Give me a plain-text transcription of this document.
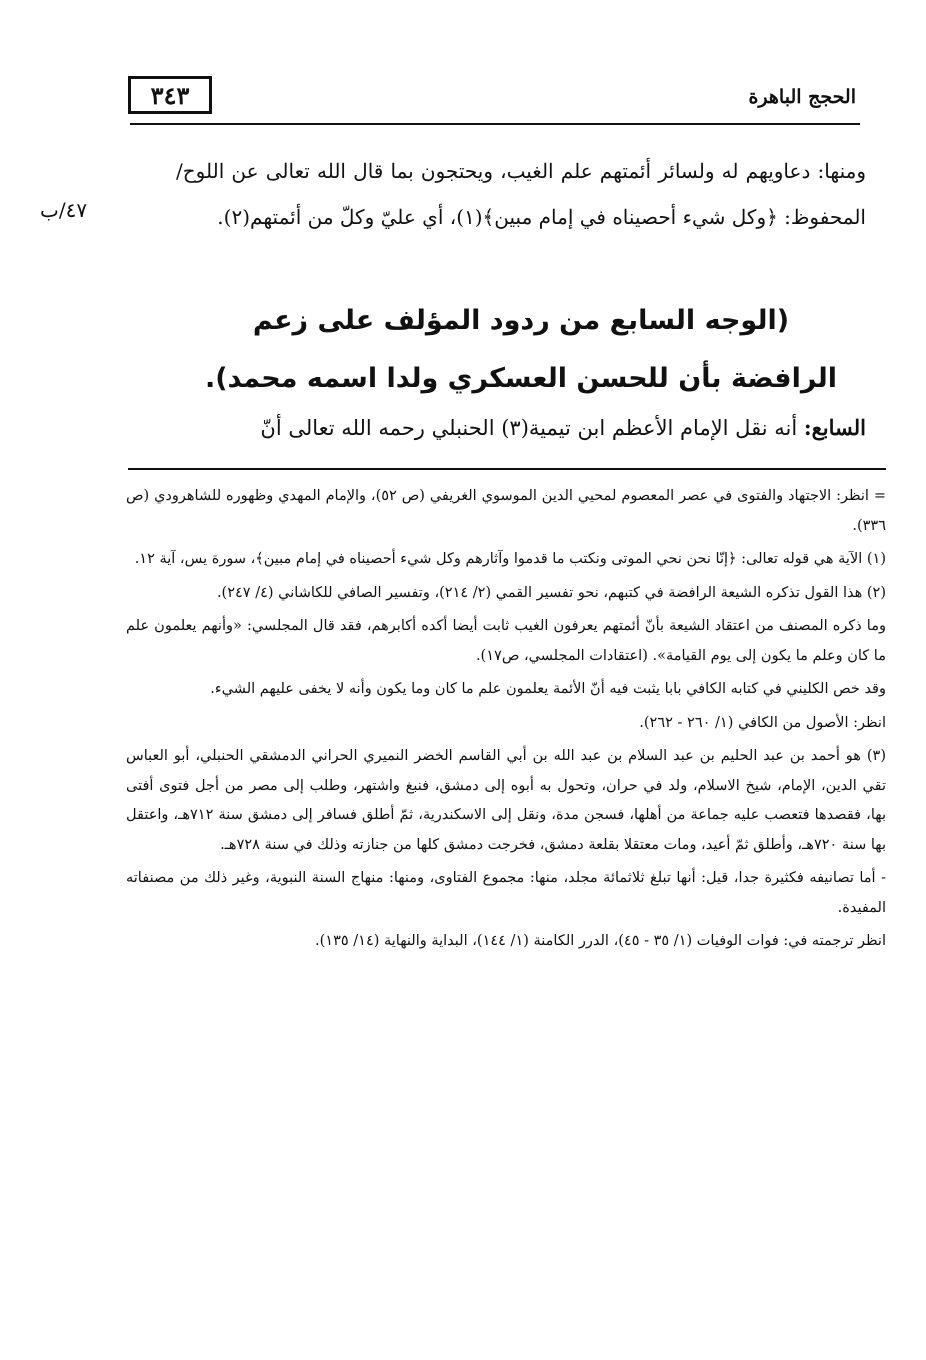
الحجج الباهرة
٣٤٣

ومنها: دعاويهم له ولسائر أئمتهم علم الغيب، ويحتجون بما قال الله تعالى عن اللوح/ المحفوظ: ﴿وكل شيء أحصيناه في إمام مبين﴾(١)، أي عليّ وكلّ من أئمتهم(٢).

٤٧/ب

(الوجه السابع من ردود المؤلف على زعم

الرافضة بأن للحسن العسكري ولدا اسمه محمد).

السابع: أنه نقل الإمام الأعظم ابن تيمية(٣) الحنبلي رحمه الله تعالى أنّ

= انظر: الاجتهاد والفتوى في عصر المعصوم لمحيي الدين الموسوي الغريفي (ص ٥٢)، والإمام المهدي وظهوره للشاهرودي (ص ٣٣٦).

(١) الآية هي قوله تعالى: ﴿إنّا نحن نحي الموتى ونكتب ما قدموا وآثارهم وكل شيء أحصيناه في إمام مبين﴾، سورة يس، آية ١٢.

(٢) هذا القول تذكره الشيعة الرافضة في كتبهم، نحو تفسير القمي (٢/ ٢١٤)، وتفسير الصافي للكاشاني (٤/ ٢٤٧).

وما ذكره المصنف من اعتقاد الشيعة بأنّ أئمتهم يعرفون الغيب ثابت أيضا أكده أكابرهم، فقد قال المجلسي: «وأنهم يعلمون علم ما كان وعلم ما يكون إلى يوم القيامة». (اعتقادات المجلسي، ص١٧).

وقد خص الكليني في كتابه الكافي بابا يثبت فيه أنّ الأئمة يعلمون علم ما كان وما يكون وأنه لا يخفى عليهم الشيء.

انظر: الأصول من الكافي (١/ ٢٦٠ - ٢٦٢).

(٣) هو أحمد بن عبد الحليم بن عبد السلام بن عبد الله بن أبي القاسم الخضر النميري الحراني الدمشقي الحنبلي، أبو العباس تقي الدين، الإمام، شيخ الاسلام، ولد في حران، وتحول به أبوه إلى دمشق، فنبغ واشتهر، وطلب إلى مصر من أجل فتوى أفتى بها، فقصدها فتعصب عليه جماعة من أهلها، فسجن مدة، ونقل إلى الاسكندرية، ثمّ أطلق فسافر إلى دمشق سنة ٧١٢هـ، واعتقل بها سنة ٧٢٠هـ، وأطلق ثمّ أعيد، ومات معتقلا بقلعة دمشق، فخرجت دمشق كلها من جنازته وذلك في سنة ٧٢٨هـ.

- أما تصانيفه فكثيرة جدا، قيل: أنها تبلغ ثلاثمائة مجلد، منها: مجموع الفتاوى، ومنها: منهاج السنة النبوية، وغير ذلك من مصنفاته المفيدة.

انظر ترجمته في: فوات الوفيات (١/ ٣٥ - ٤٥)، الدرر الكامنة (١/ ١٤٤)، البداية والنهاية (١٤/ ١٣٥).
